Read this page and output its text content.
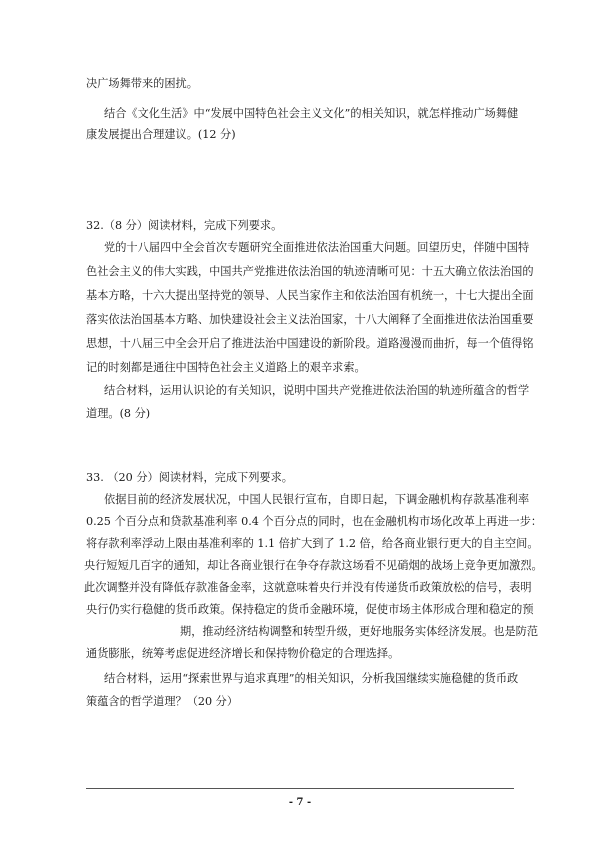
决广场舞带来的困扰。
结合《文化生活》中“发展中国特色社会主义文化”的相关知识，就怎样推动广场舞健
康发展提出合理建议。(12 分)
32.（8 分）阅读材料，完成下列要求。
党的十八届四中全会首次专题研究全面推进依法治国重大问题。回望历史，伴随中国特
色社会主义的伟大实践，中国共产党推进依法治国的轨迹清晰可见：十五大确立依法治国的
基本方略，十六大提出坚持党的领导、人民当家作主和依法治国有机统一，十七大提出全面
落实依法治国基本方略、加快建设社会主义法治国家，十八大阐释了全面推进依法治国重要
思想，十八届三中全会开启了推进法治中国建设的新阶段。道路漫漫而曲折，每一个值得铭
记的时刻都是通往中国特色社会主义道路上的艰辛求索。
结合材料，运用认识论的有关知识，说明中国共产党推进依法治国的轨迹所蕴含的哲学
道理。(8 分)
33. （20 分）阅读材料，完成下列要求。
依据目前的经济发展状况，中国人民银行宣布，自即日起，下调金融机构存款基准利率
0.25 个百分点和贷款基准利率 0.4 个百分点的同时，也在金融机构市场化改革上再进一步：
将存款利率浮动上限由基准利率的 1.1 倍扩大到了 1.2 倍，给各商业银行更大的自主空间。
央行短短几百字的通知，却让各商业银行在争夺存款这场看不见硝烟的战场上竞争更加激烈。
此次调整并没有降低存款准备金率，这就意味着央行并没有传递货币政策放松的信号，表明
央行仍实行稳健的货币政策。保持稳定的货币金融环境，促使市场主体形成合理和稳定的预
期，推动经济结构调整和转型升级，更好地服务实体经济发展。也是防范
通货膨胀，统筹考虑促进经济增长和保持物价稳定的合理选择。
结合材料，运用“探索世界与追求真理”的相关知识，分析我国继续实施稳健的货币政
策蕴含的哲学道理？（20 分）
- 7 -
